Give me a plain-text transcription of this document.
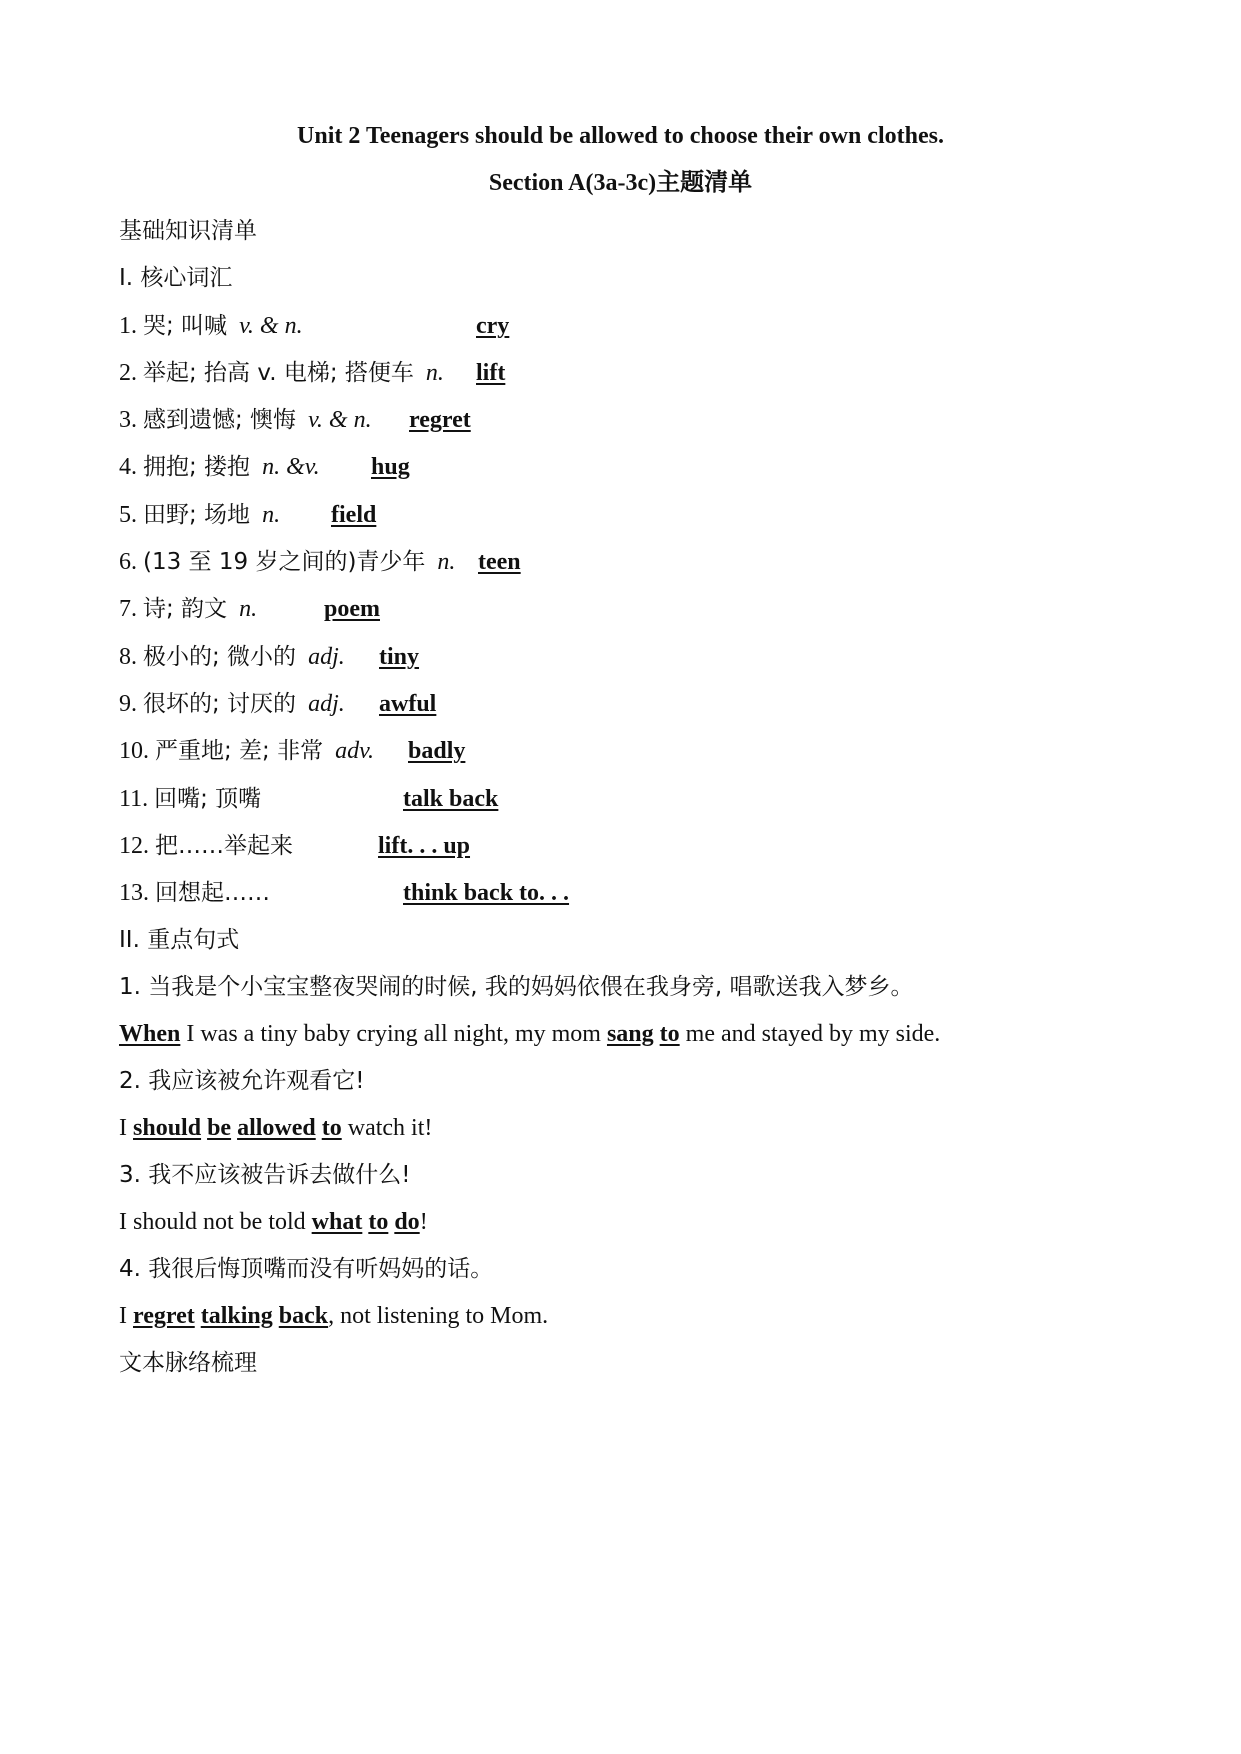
Unit 2 Teenagers should be allowed to choose their own clothes.
Section A(3a-3c)主题清单
基础知识清单
I. 核心词汇
1. 哭; 叫喊 v. & n.	cry
2. 举起; 抬高 v. 电梯; 搭便车 n. lift
3. 感到遗憾; 懊悔 v. & n. regret
4. 拥抱; 搂抱 n. &v. hug
5. 田野; 场地 n. field
6. (13 至 19 岁之间的)青少年 n. teen
7. 诗; 韵文 n.	poem
8. 极小的; 微小的 adj. tiny
9. 很坏的; 讨厌的 adj. awful
10. 严重地; 差; 非常 adv. badly
11. 回嘴; 顶嘴	talk back
12. 把……举起来	lift. . . up
13. 回想起……	think back to. . .
II. 重点句式
1. 当我是个小宝宝整夜哭闹的时候, 我的妈妈依偎在我身旁, 唱歌送我入梦乡。
When I was a tiny baby crying all night, my mom sang to me and stayed by my side.
2. 我应该被允许观看它!
I should be allowed to watch it!
3. 我不应该被告诉去做什么!
I should not be told what to do!
4. 我很后悔顶嘴而没有听妈妈的话。
I regret talking back, not listening to Mom.
文本脉络梳理
